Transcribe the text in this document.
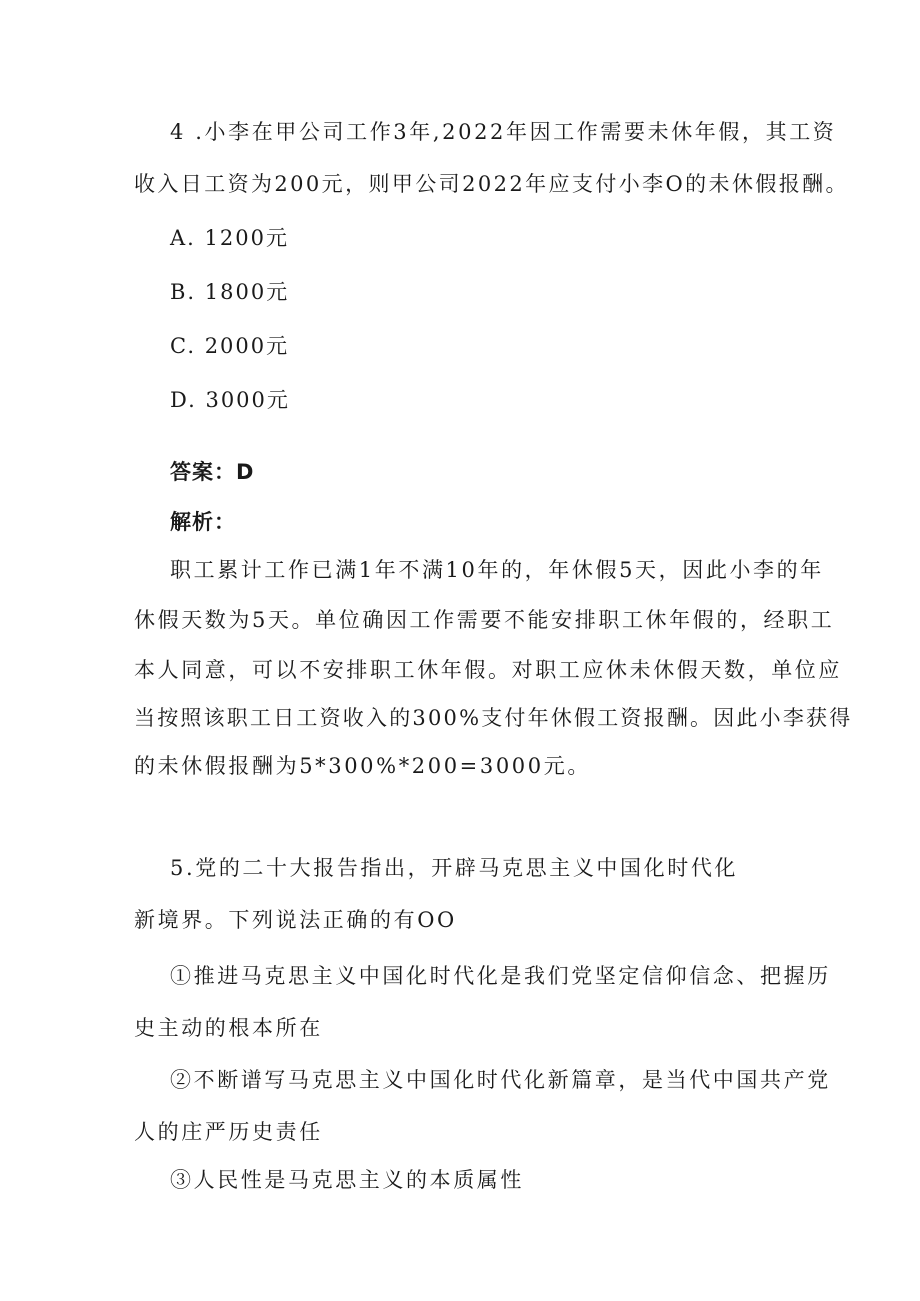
4 .小李在甲公司工作3年,2022年因工作需要未休年假，其工资
收入日工资为200元，则甲公司2022年应支付小李O的未休假报酬。
A. 1200元
B. 1800元
C. 2000元
D. 3000元
答案：D
解析：
职工累计工作已满1年不满10年的，年休假5天，因此小李的年
休假天数为5天。单位确因工作需要不能安排职工休年假的，经职工
本人同意，可以不安排职工休年假。对职工应休未休假天数，单位应
当按照该职工日工资收入的300%支付年休假工资报酬。因此小李获得
的未休假报酬为5*300%*200=3000元。
5.党的二十大报告指出，开辟马克思主义中国化时代化
新境界。下列说法正确的有OO
①推进马克思主义中国化时代化是我们党坚定信仰信念、把握历
史主动的根本所在
②不断谱写马克思主义中国化时代化新篇章，是当代中国共产党
人的庄严历史责任
③人民性是马克思主义的本质属性
